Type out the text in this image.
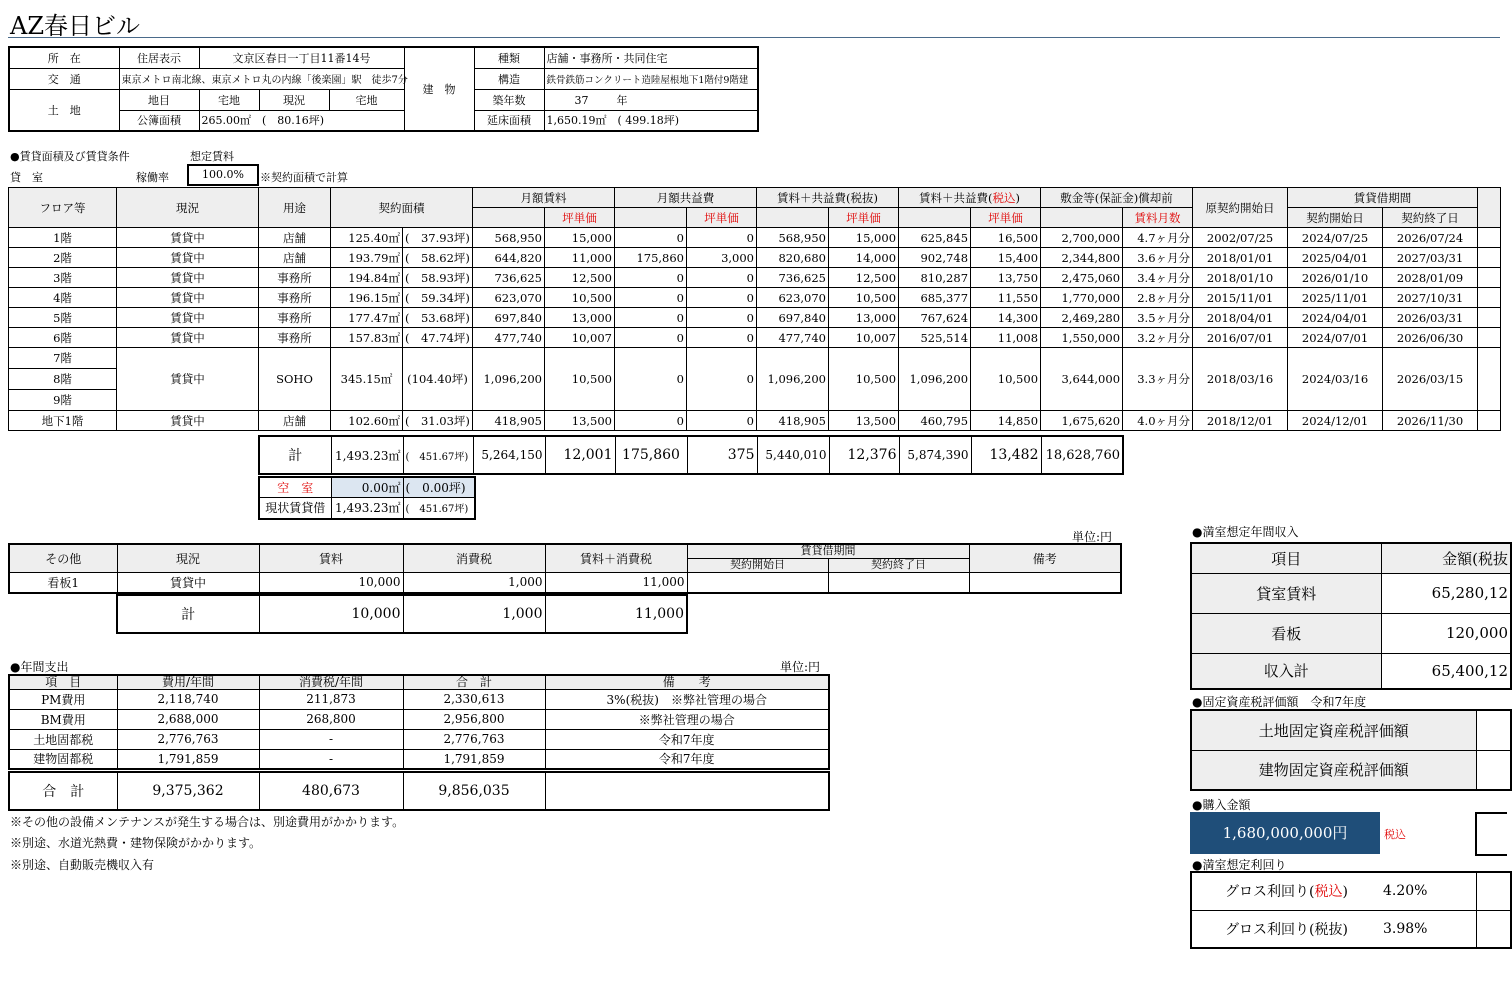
AZ春日ビル
所　在	住居表示	文京区春日一丁目11番14号			建　物	種類	店舗・事務所・共同住宅
交　通	東京メトロ南北線、東京メトロ丸の内線「後楽園」駅　徒歩7分					構造	鉄骨鉄筋コンクリート造陸屋根地下1階付9階建
土　地	地目	宅地	現況	宅地		築年数	37 年
	公簿面積	265.00㎡　(　80.16坪)				延床面積	1,650.19㎡　( 499.18坪)
●賃貸面積及び賃貸条件	想定賃料
貸　室	稼働率	100.0%	※契約面積で計算
フロア等	現況	用途	契約面積		月額賃料		月額共益費		賃料＋共益費(税抜)		賃料＋共益費(税込)		敷金等(保証金)償却前		原契約開始日	賃貸借期間		
						坪単価		坪単価		坪単価		坪単価		賃料月数		契約開始日	契約終了日	
1階	賃貸中	店舗	125.40㎡	(　37.93坪)	568,950	15,000	0	0	568,950	15,000	625,845	16,500	2,700,000	4.7ヶ月分	2002/07/25	2024/07/25	2026/07/24	
2階	賃貸中	店舗	193.79㎡	(　58.62坪)	644,820	11,000	175,860	3,000	820,680	14,000	902,748	15,400	2,344,800	3.6ヶ月分	2018/01/01	2025/04/01	2027/03/31	
3階	賃貸中	事務所	194.84㎡	(　58.93坪)	736,625	12,500	0	0	736,625	12,500	810,287	13,750	2,475,060	3.4ヶ月分	2018/01/10	2026/01/10	2028/01/09	
4階	賃貸中	事務所	196.15㎡	(　59.34坪)	623,070	10,500	0	0	623,070	10,500	685,377	11,550	1,770,000	2.8ヶ月分	2015/11/01	2025/11/01	2027/10/31	
5階	賃貸中	事務所	177.47㎡	(　53.68坪)	697,840	13,000	0	0	697,840	13,000	767,624	14,300	2,469,280	3.5ヶ月分	2018/04/01	2024/04/01	2026/03/31	
6階	賃貸中	事務所	157.83㎡	(　47.74坪)	477,740	10,007	0	0	477,740	10,007	525,514	11,008	1,550,000	3.2ヶ月分	2016/07/01	2024/07/01	2026/06/30	

7階
8階
9階	賃貸中	SOHO	345.15㎡	(104.40坪)	1,096,200	10,500	0	0	1,096,200	10,500	1,096,200	10,500	3,644,000	3.3ヶ月分	2018/03/16	2024/03/16	2026/03/15	

地下1階	賃貸中	店舗	102.60㎡	(　31.03坪)	418,905	13,500	0	0	418,905	13,500	460,795	14,850	1,675,620	4.0ヶ月分	2018/12/01	2024/12/01	2026/11/30	
計	1,493.23㎡	(　451.67坪)	5,264,150	12,001	175,860	375	5,440,010	12,376	5,874,390	13,482	18,628,760
空　室	0.00㎡	(　0.00坪)
現状賃貸借	1,493.23㎡	(　451.67坪)
単位:円
その他	現況	賃料	消費税	賃料＋消費税	賃貸借期間		備考
					契約開始日	契約終了日	
看板1	賃貸中	10,000	1,000	11,000			
計	10,000	1,000	11,000
●年間支出	単位:円
項　目	費用/年間	消費税/年間	合　計	備　　考
PM費用	2,118,740	211,873	2,330,613	3%(税抜)　※弊社管理の場合
BM費用	2,688,000	268,800	2,956,800	※弊社管理の場合
土地固都税	2,776,763	-	2,776,763	令和7年度
建物固都税	1,791,859	-	1,791,859	令和7年度
合　計	9,375,362	480,673	9,856,035	
※その他の設備メンテナンスが発生する場合は、別途費用がかかります。
※別途、水道光熱費・建物保険がかかります。
※別途、自動販売機収入有
●満室想定年間収入
項目	金額(税抜
貸室賃料	65,280,12
看板	120,000
収入計	65,400,12
●固定資産税評価額　令和7年度
土地固定資産税評価額	
建物固定資産税評価額	
●購入金額
1,680,000,000円	税込
●満室想定利回り
グロス利回り(税込)	4.20%	
グロス利回り(税抜)	3.98%	
